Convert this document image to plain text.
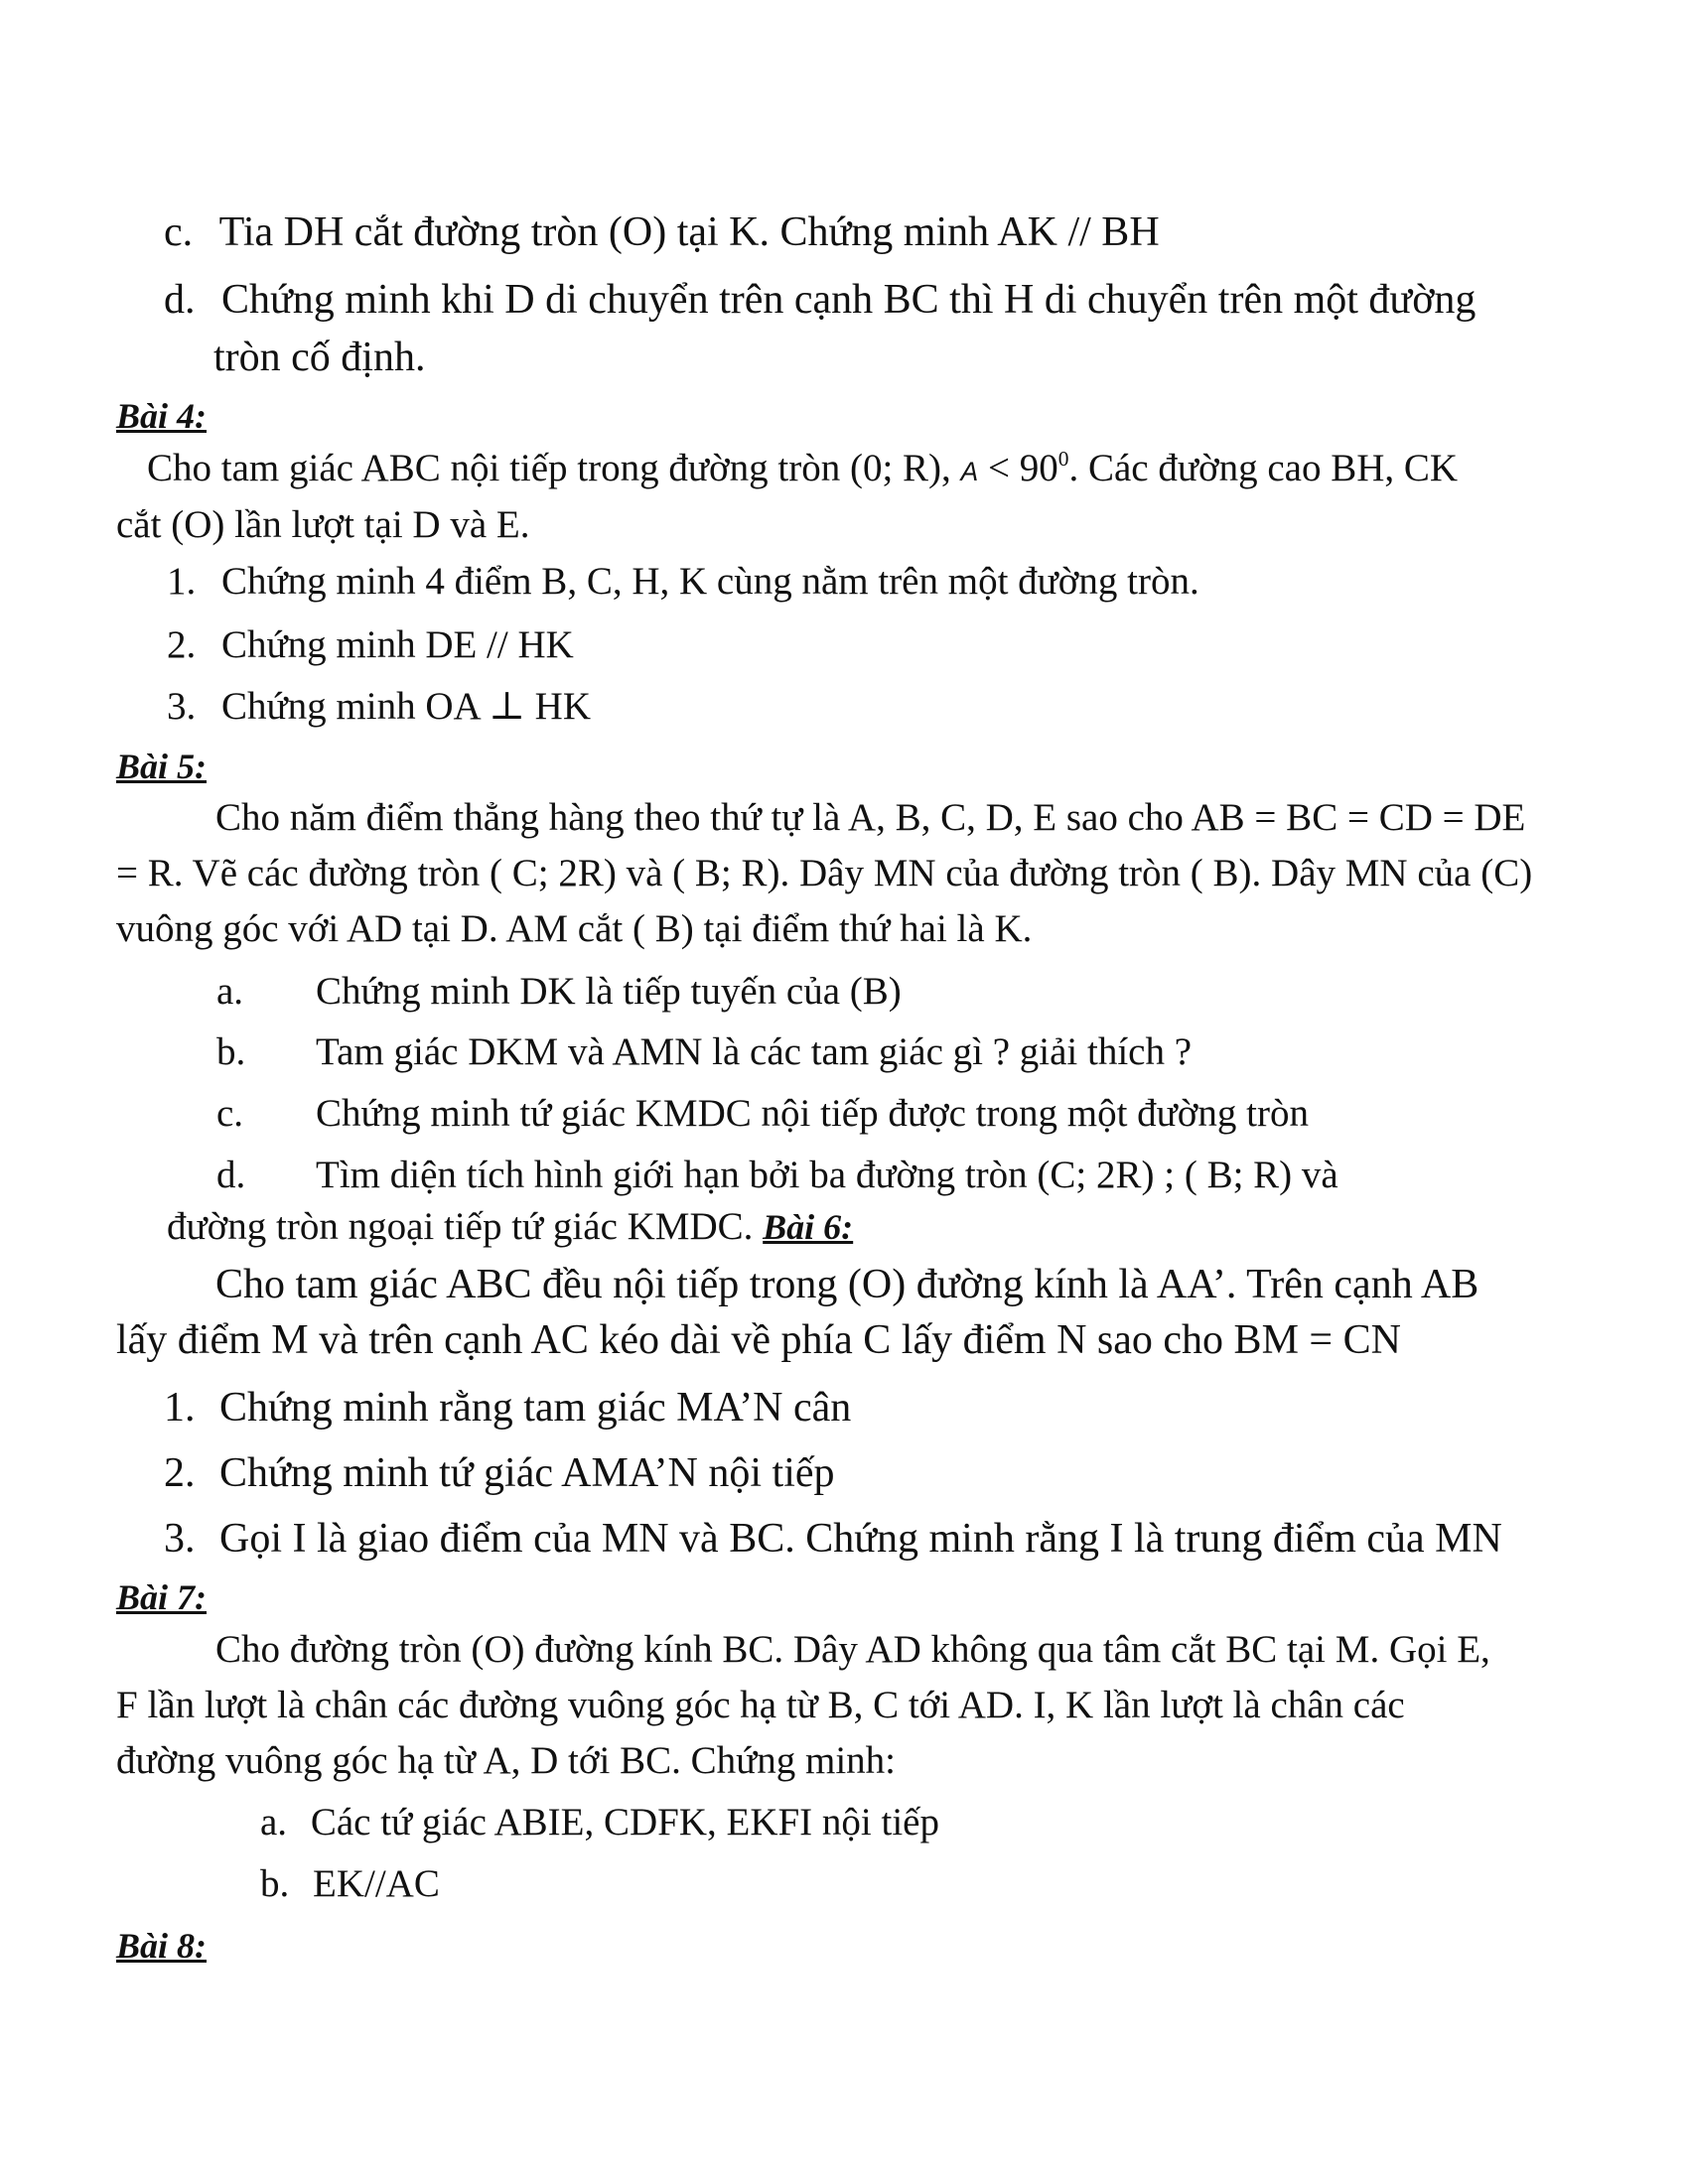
c. Tia DH cắt đường tròn (O) tại K. Chứng minh AK // BH
d. Chứng minh khi D di chuyển trên cạnh BC thì H di chuyển trên một đường
tròn cố định.
Bài 4:
Cho tam giác ABC nội tiếp trong đường tròn (0; R), $A < 90^0$. Các đường cao BH, CK
cắt (O) lần lượt tại D và E.
1. Chứng minh 4 điểm B, C, H, K cùng nằm trên một đường tròn.
2. Chứng minh DE // HK
3. Chứng minh OA ⊥ HK
Bài 5:
Cho năm điểm thẳng hàng theo thứ tự là A, B, C, D, E sao cho AB = BC = CD = DE
= R. Vẽ các đường tròn ( C; 2R) và ( B; R). Dây MN của đường tròn ( B). Dây MN của (C)
vuông góc với AD tại D. AM cắt ( B) tại điểm thứ hai là K.
a. Chứng minh DK là tiếp tuyến của (B)
b. Tam giác DKM và AMN là các tam giác gì ? giải thích ?
c. Chứng minh tứ giác KMDC nội tiếp được trong một đường tròn
d. Tìm diện tích hình giới hạn bởi ba đường tròn (C; 2R) ; ( B; R) và
đường tròn ngoại tiếp tứ giác KMDC. Bài 6:
Cho tam giác ABC đều nội tiếp trong (O) đường kính là AA’. Trên cạnh AB
lấy điểm M và trên cạnh AC kéo dài về phía C lấy điểm N sao cho BM = CN
1. Chứng minh rằng tam giác MA’N cân
2. Chứng minh tứ giác AMA’N nội tiếp
3. Gọi I là giao điểm của MN và BC. Chứng minh rằng I là trung điểm của MN
Bài 7:
Cho đường tròn (O) đường kính BC. Dây AD không qua tâm cắt BC tại M. Gọi E,
F lần lượt là chân các đường vuông góc hạ từ B, C tới AD. I, K lần lượt là chân các
đường vuông góc hạ từ A, D tới BC. Chứng minh:
a. Các tứ giác ABIE, CDFK, EKFI nội tiếp
b. EK//AC
Bài 8:
